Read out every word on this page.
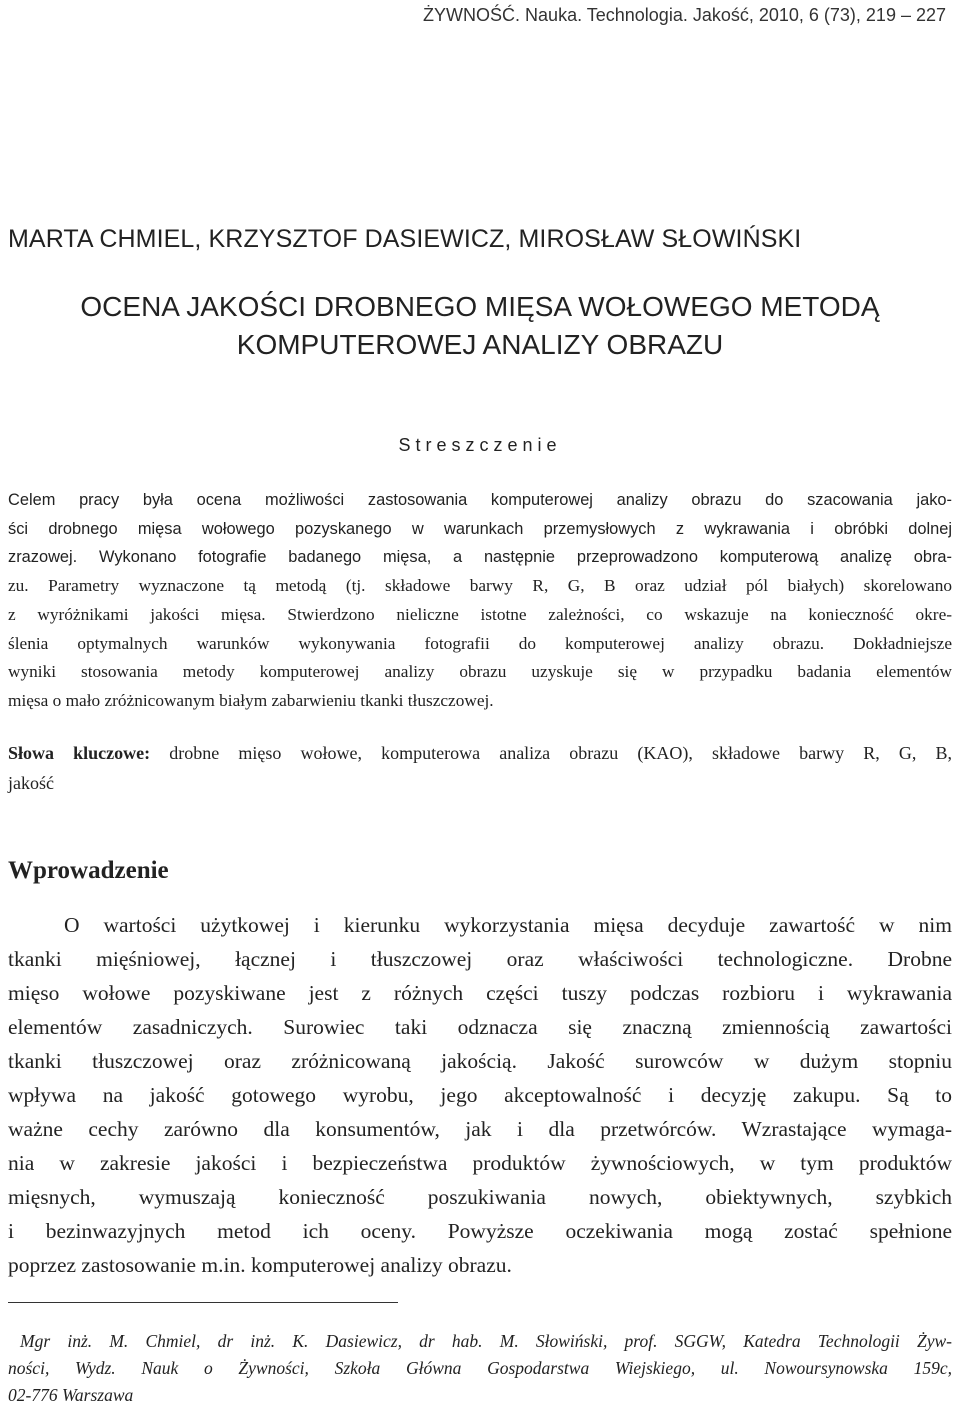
ŻYWNOŚĆ. Nauka. Technologia. Jakość, 2010, 6 (73), 219 – 227
MARTA CHMIEL, KRZYSZTOF DASIEWICZ, MIROSŁAW SŁOWIŃSKI
OCENA JAKOŚCI DROBNEGO MIĘSA WOŁOWEGO METODĄ
KOMPUTEROWEJ ANALIZY OBRAZU
Streszczenie
Celem pracy była ocena możliwości zastosowania komputerowej analizy obrazu do szacowania jako-
ści drobnego mięsa wołowego pozyskanego w warunkach przemysłowych z wykrawania i obróbki dolnej
zrazowej. Wykonano fotografie badanego mięsa, a następnie przeprowadzono komputerową analizę obra-
zu. Parametry wyznaczone tą metodą (tj. składowe barwy R, G, B oraz udział pól białych) skorelowano
z wyróżnikami jakości mięsa. Stwierdzono nieliczne istotne zależności, co wskazuje na konieczność okre-
ślenia optymalnych warunków wykonywania fotografii do komputerowej analizy obrazu. Dokładniejsze
wyniki stosowania metody komputerowej analizy obrazu uzyskuje się w przypadku badania elementów
mięsa o mało zróżnicowanym białym zabarwieniu tkanki tłuszczowej.
Słowa kluczowe: drobne mięso wołowe, komputerowa analiza obrazu (KAO), składowe barwy R, G, B,
jakość
Wprowadzenie
O wartości użytkowej i kierunku wykorzystania mięsa decyduje zawartość w nim
tkanki mięśniowej, łącznej i tłuszczowej oraz właściwości technologiczne. Drobne
mięso wołowe pozyskiwane jest z różnych części tuszy podczas rozbioru i wykrawania
elementów zasadniczych. Surowiec taki odznacza się znaczną zmiennością zawartości
tkanki tłuszczowej oraz zróżnicowaną jakością. Jakość surowców w dużym stopniu
wpływa na jakość gotowego wyrobu, jego akceptowalność i decyzję zakupu. Są to
ważne cechy zarówno dla konsumentów, jak i dla przetwórców. Wzrastające wymaga-
nia w zakresie jakości i bezpieczeństwa produktów żywnościowych, w tym produktów
mięsnych, wymuszają konieczność poszukiwania nowych, obiektywnych, szybkich
i bezinwazyjnych metod ich oceny. Powyższe oczekiwania mogą zostać spełnione
poprzez zastosowanie m.in. komputerowej analizy obrazu.
Mgr inż. M. Chmiel, dr inż. K. Dasiewicz, dr hab. M. Słowiński, prof. SGGW, Katedra Technologii Żyw-
ności, Wydz. Nauk o Żywności, Szkoła Główna Gospodarstwa Wiejskiego, ul. Nowoursynowska 159c,
02-776 Warszawa
